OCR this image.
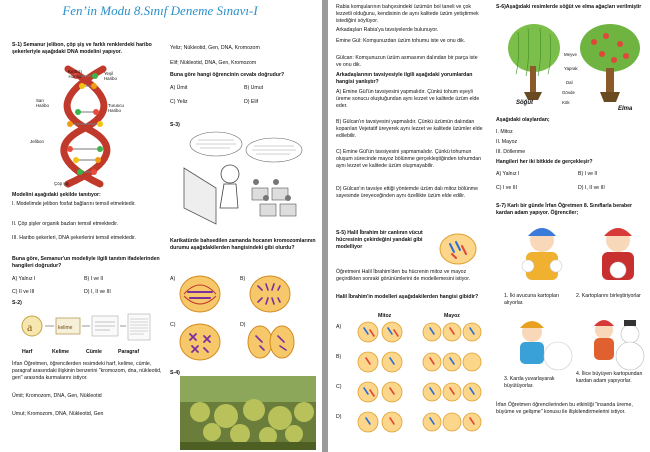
Fen’in Modu 8.Sınıf Deneme Sınavı-I
S-1) Semanur jelibon, çöp şiş ve farklı renklerdeki haribo şekerleriyle aşağıdaki DNA modelini yapıyor.
Kırmızı Haribo
Yeşil Haribo
Sarı Haribo	Turuncu Haribo
Jelibon
Çöp şiş
Modelini aşağıdaki şekilde tanıtıyor:
I. Modelimde jelibon fosfat bağlarını temsil etmektedir.
II. Çöp şişler organik bazları temsil etmektedir.
III. Haribo şekerleri, DNA şekerlerini temsil etmektedir.
Buna göre, Semanur'un modeliyle ilgili tanıtım ifadelerinden hangileri doğrudur?
A) Yalnız I	B) I ve II
C) II ve III	D) I, II ve III
S-2)
a	kelime
Harf	Kelime	Cümle	Paragraf
İrfan Öğretmen, öğrencilerden resimdeki harf, kelime, cümle, paragraf arasındaki ilişkinin benzerini "kromozom, dna, nükleotid, gen" arasında kurmalarını istiyor.
Ümit; Kromozom, DNA, Gen, Nükleotid
Umut; Kromozom, DNA, Nükleotid, Gen
Yeliz; Nükleotid, Gen, DNA, Kromozom
Elif; Nükleotid, DNA, Gen, Kromozom
Buna göre hangi öğrencinin cevabı doğrudur?
A) Ümit	B) Umut
C) Yeliz	D) Elif
S-3)
Karikatürde bahsedilen zamanda hocanın kromozomlarının durumu aşağıdakilerden hangisindeki gibi olurdu?
A)	B)
C)	D)
S-4)
Rabia komşularının bahçesindeki üzümün bol taneli ve çok lezzetli olduğunu, kendisinin de aynı kalitede üzüm yetiştirmek istediğini söylüyor.
Arkadaşları Rabia'ya tavsiyelerde bulunuyor.
Emine Gül: Komşunuzdan üzüm tohumu iste ve onu dik.
Gülcan: Komşunuzun üzüm asmasının dalından bir parça iste ve onu dik.
Arkadaşlarının tavsiyesiyle ilgili aşağıdaki yorumlardan hangisi yanlıştır?
A) Emine Gül'ün tavsiyesini yapmalıdır. Çünkü tohum eşeyli üreme sonucu oluştuğundan aynı lezzet ve kalitede üzüm elde eder.
B) Gülcan'ın tavsiyesini yapmalıdır. Çünkü üzümün dalından koparılan Vejetatif üreyerek aynı lezzet ve kalitede üzümler elde edilebilir.
C) Emine Gül'ün tavsiyesini yapmamalıdır. Çünkü tohumun oluşum sürecinde mayoz bölünme gerçekleştiğinden tohumdan aynı lezzet ve kalitede üzüm oluşmayabilir.
D) Gülcan'ın tavsiye ettiği yöntemde üzüm dalı mitoz bölünme sayesinde üreyeceğinden aynı özellikte üzüm elde edilir.
S-5) Halil İbrahim bir canlının vücut hücresinin çekirdeğini yandaki gibi modelliyor
Öğretmeni Halil İbrahim'den bu hücrenin mitoz ve mayoz geçirdikten sonraki görünümlerini de modellemesini istiyor.
Halil İbrahim'in modelleri aşağıdakilerden hangisi gibidir?
Mitoz	Mayoz
A)
B)
C)
D)
S-6)Aşağıdaki resimlerde söğüt ve elma ağaçları verilmiştir
Meyve
Yaprak
Dal
Gövde
Kök
Söğüt
Elma
Aşağıdaki olaylardan;
I. Mitoz
II. Mayoz
III. Döllenme
Hangileri her iki bitkide de gerçekleşir?
A) Yalnız I	B) I ve II
C) I ve III	D) I, II ve III
S-7) Karlı bir günde İrfan Öğretmen 8. Sınıflarla beraber kardan adam yapıyor. Öğrenciler;
1. İki avucuna kartopları alıyorlar.
2. Kartoplarını birleştiriyorlar
3. Karda yuvarlayarak büyütüyorlar.
4. İlice büyüyen kartopundan kardan adam yapıyorlar.
İrfan Öğretmen öğrencilerinden bu etkinliği "insanda üreme, büyüme ve gelişme" konusu ile ilişkilendirmelerini istiyor.
